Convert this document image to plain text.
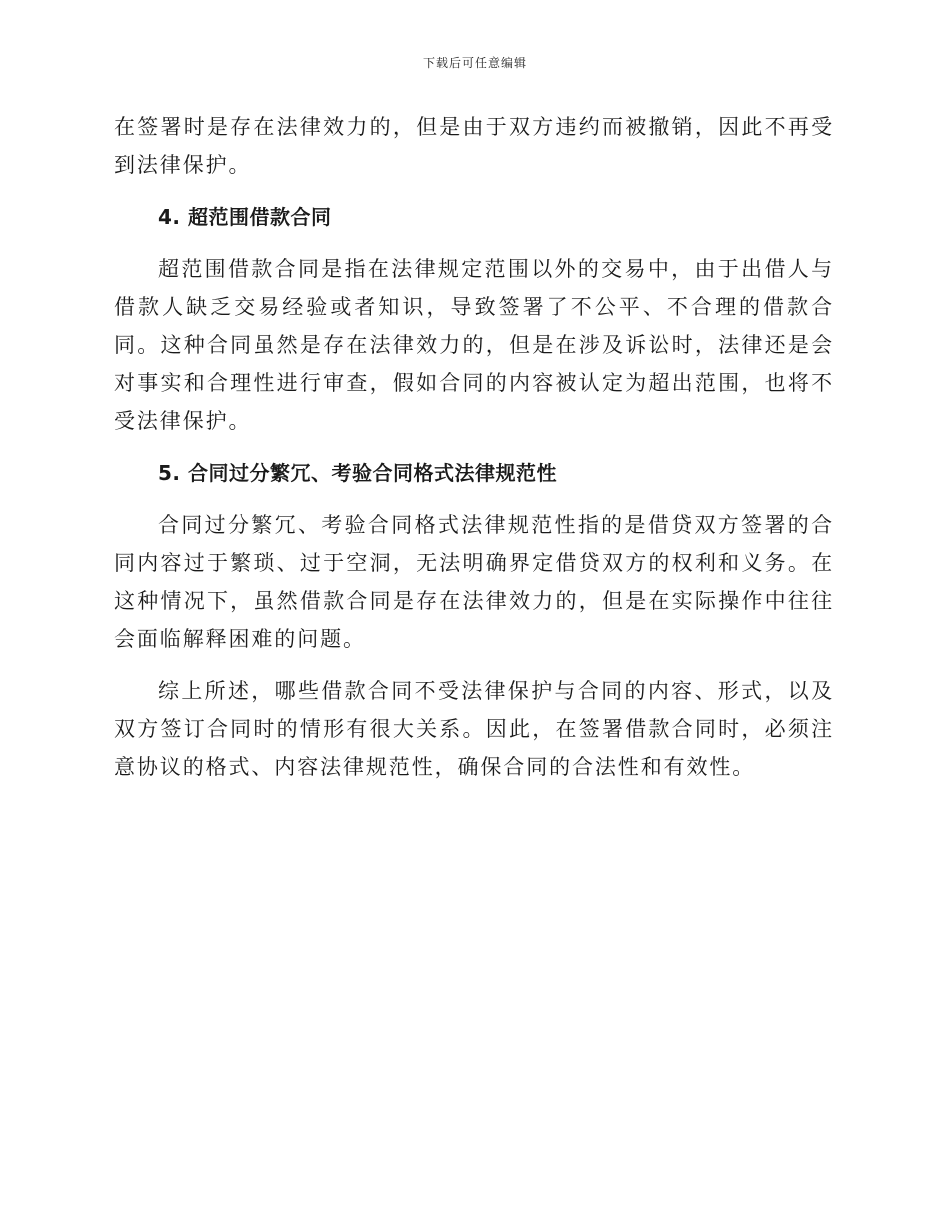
下载后可任意编辑

在签署时是存在法律效力的，但是由于双方违约而被撤销，因此不再受到法律保护。

4. 超范围借款合同

超范围借款合同是指在法律规定范围以外的交易中，由于出借人与借款人缺乏交易经验或者知识，导致签署了不公平、不合理的借款合同。这种合同虽然是存在法律效力的，但是在涉及诉讼时，法律还是会对事实和合理性进行审查，假如合同的内容被认定为超出范围，也将不受法律保护。

5. 合同过分繁冗、考验合同格式法律规范性

合同过分繁冗、考验合同格式法律规范性指的是借贷双方签署的合同内容过于繁琐、过于空洞，无法明确界定借贷双方的权利和义务。在这种情况下，虽然借款合同是存在法律效力的，但是在实际操作中往往会面临解释困难的问题。

综上所述，哪些借款合同不受法律保护与合同的内容、形式，以及双方签订合同时的情形有很大关系。因此，在签署借款合同时，必须注意协议的格式、内容法律规范性，确保合同的合法性和有效性。
